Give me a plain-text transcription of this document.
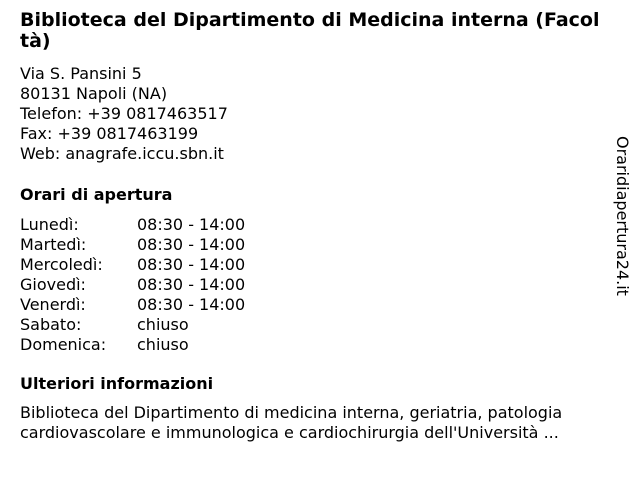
Biblioteca del Dipartimento di Medicina interna (Facoltà)
Via S. Pansini 5
80131 Napoli (NA)
Telefon: +39 0817463517
Fax: +39 0817463199
Web: anagrafe.iccu.sbn.it
Orari di apertura
Lunedì:	08:30 - 14:00
Martedì:	08:30 - 14:00
Mercoledì:	08:30 - 14:00
Giovedì:	08:30 - 14:00
Venerdì:	08:30 - 14:00
Sabato:	chiuso
Domenica:	chiuso
Ulteriori informazioni
Biblioteca del Dipartimento di medicina interna, geriatria, patologia cardiovascolare e immunologica e cardiochirurgia dell'Università ...
Oraridiapertura24.it
